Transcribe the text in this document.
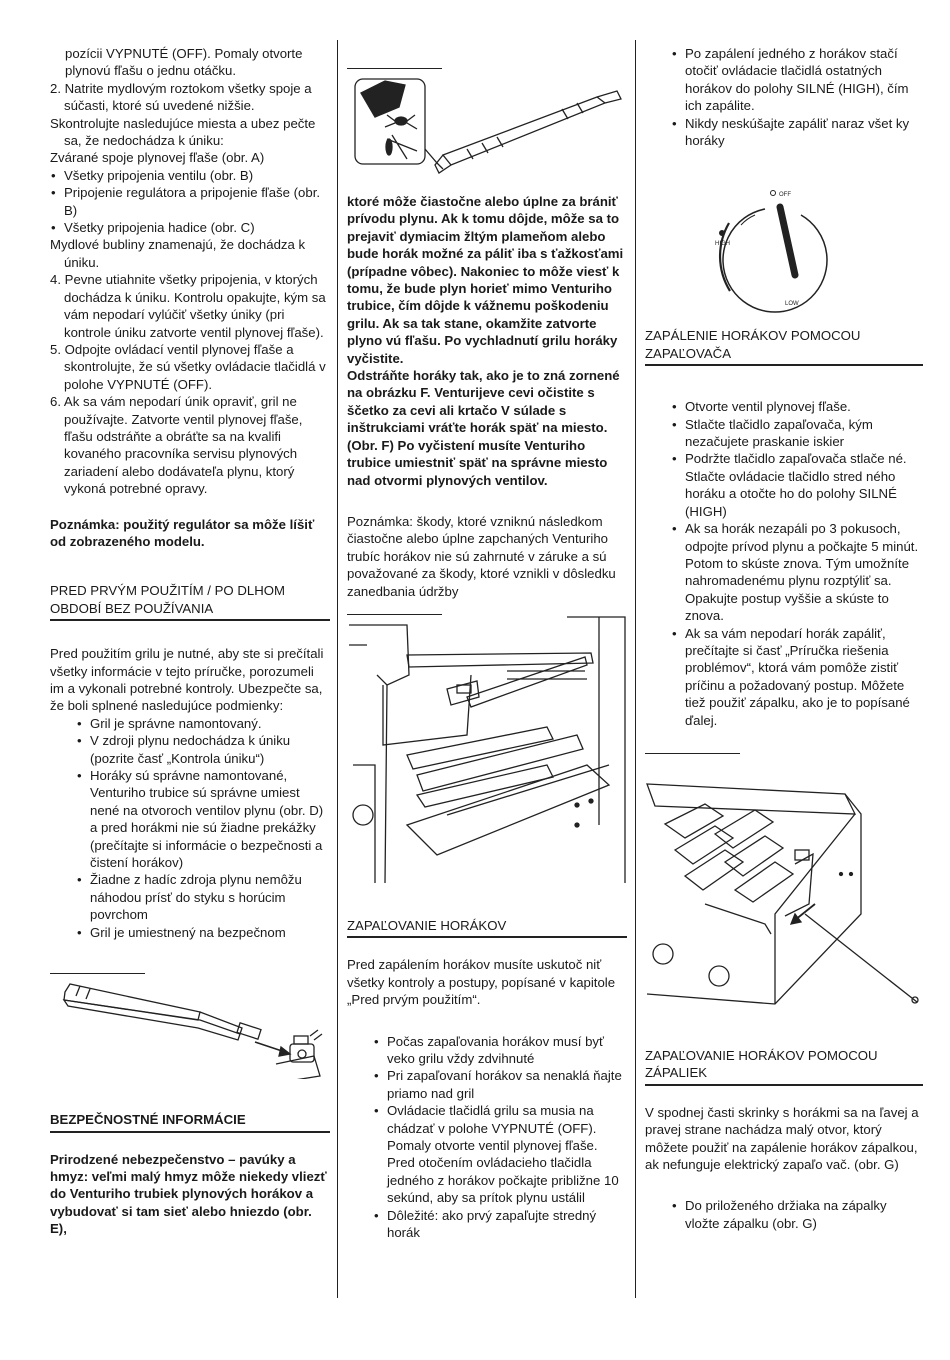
pozícii VYPNUTÉ (OFF). Pomaly otvorte plynovú fľašu o jednu otáčku.

2. Natrite mydlovým roztokom všetky spoje a súčasti, ktoré sú uvedené nižšie.

Skontrolujte nasledujúce miesta a ubez pečte sa, že nedochádza k úniku:

Zvárané spoje plynovej fľaše (obr. A)

• Všetky pripojenia ventilu (obr. B)
• Pripojenie regulátora a pripojenie fľaše (obr. B)
• Všetky pripojenia hadice (obr. C)

Mydlové bubliny znamenajú, že dochádza k úniku.

4. Pevne utiahnite všetky pripojenia, v ktorých dochádza k úniku. Kontrolu opakujte, kým sa vám nepodarí vylúčiť všetky úniky (pri kontrole úniku zatvorte ventil plynovej fľaše).

5. Odpojte ovládací ventil plynovej fľaše a skontrolujte, že sú všetky ovládacie tlačidlá v polohe VYPNUTÉ (OFF).

6. Ak sa vám nepodarí únik opraviť, gril ne používajte. Zatvorte ventil plynovej fľaše, fľašu odstráňte a obráťte sa na kvalifi kovaného pracovníka servisu plynových zariadení alebo dodávateľa plynu, ktorý vykoná potrebné opravy.

Poznámka: použitý regulátor sa môže líšiť od zobrazeného modelu.

PRED PRVÝM POUŽITÍM / PO DLHOM OBDOBÍ BEZ POUŽÍVANIA

Pred použitím grilu je nutné, aby ste si prečítali všetky informácie v tejto príručke, porozumeli im a vykonali potrebné kontroly. Ubezpečte sa, že boli splnené nasledujúce podmienky:

• Gril je správne namontovaný.
• V zdroji plynu nedochádza k úniku (pozrite časť „Kontrola úniku“)
• Horáky sú správne namontované, Venturiho trubice sú správne umiest nené na otvoroch ventilov plynu (obr. D) a pred horákmi nie sú žiadne prekážky (prečítajte si informácie o bezpečnosti a čistení horákov)
• Žiadne z hadíc zdroja plynu nemôžu náhodou prísť do styku s horúcim povrchom
• Gril je umiestnený na bezpečnom

BEZPEČNOSTNÉ INFORMÁCIE

Prirodzené nebezpečenstvo – pavúky a hmyz: veľmi malý hmyz môže niekedy vliezť do Venturiho trubiek plynových horákov a vybudovať si tam sieť alebo hniezdo (obr. E),

ktoré môže čiastočne alebo úplne za brániť prívodu plynu. Ak k tomu dôjde, môže sa to prejaviť dymiacim žltým plameňom alebo bude horák možné za páliť iba s ťažkosťami (prípadne vôbec). Nakoniec to môže viesť k tomu, že bude plyn horieť mimo Venturiho trubice, čím dôjde k vážnemu poškodeniu grilu. Ak sa tak stane, okamžite zatvorte plyno vú fľašu. Po vychladnutí grilu horáky vyčistite.

Odstráňte horáky tak, ako je to zná zornené na obrázku F. Venturijeve cevi očistite s ščetko za cevi ali krtačo V súlade s inštrukciami vráťte horák späť na miesto. (Obr. F) Po vyčistení musíte Venturiho trubice umiestniť späť na správne miesto nad otvormi plynových ventilov.

Poznámka: škody, ktoré vzniknú následkom čiastočne alebo úplne zapchaných Venturiho trubíc horákov nie sú zahrnuté v záruke a sú považované za škody, ktoré vznikli v dôsledku zanedbania údržby

ZAPAĽOVANIE HORÁKOV

Pred zapálením horákov musíte uskutoč niť všetky kontroly a postupy, popísané v kapitole „Pred prvým použitím“.

• Počas zapaľovania horákov musí byť veko grilu vždy zdvihnuté
• Pri zapaľovaní horákov sa nenaklá ňajte priamo nad gril
• Ovládacie tlačidlá grilu sa musia na chádzať v polohe VYPNUTÉ (OFF). Pomaly otvorte ventil plynovej fľaše. Pred otočením ovládacieho tlačidla jedného z horákov počkajte približne 10 sekúnd, aby sa prítok plynu ustálil
• Dôležité: ako prvý zapaľujte stredný horák
• Po zapálení jedného z horákov stačí otočiť ovládacie tlačidlá ostatných horákov do polohy SILNÉ (HIGH), čím ich zapálite.
• Nikdy neskúšajte zapáliť naraz všet ky horáky
OFF
HIGH
LOW

ZAPÁLENIE HORÁKOV POMOCOU ZAPAĽOVAČA

• Otvorte ventil plynovej fľaše.
• Stlačte tlačidlo zapaľovača, kým nezačujete praskanie iskier
• Podržte tlačidlo zapaľovača stlače né. Stlačte ovládacie tlačidlo stred ného horáku a otočte ho do polohy SILNÉ (HIGH)
• Ak sa horák nezapáli po 3 pokusoch, odpojte prívod plynu a počkajte 5 minút. Potom to skúste znova. Tým umožníte nahromadenému plynu rozptýliť sa. Opakujte postup vyššie a skúste to znova.
• Ak sa vám nepodarí horák zapáliť, prečítajte si časť „Príručka riešenia problémov“, ktorá vám pomôže zistiť príčinu a požadovaný postup. Môžete tiež použiť zápalku, ako je to popísané ďalej.

ZAPAĽOVANIE HORÁKOV POMOCOU ZÁPALIEK

V spodnej časti skrinky s horákmi sa na ľavej a pravej strane nachádza malý otvor, ktorý môžete použiť na zapálenie horákov zápalkou, ak nefunguje elektrický zapaľo vač. (obr. G)

• Do priloženého držiaka na zápalky vložte zápalku (obr. G)
